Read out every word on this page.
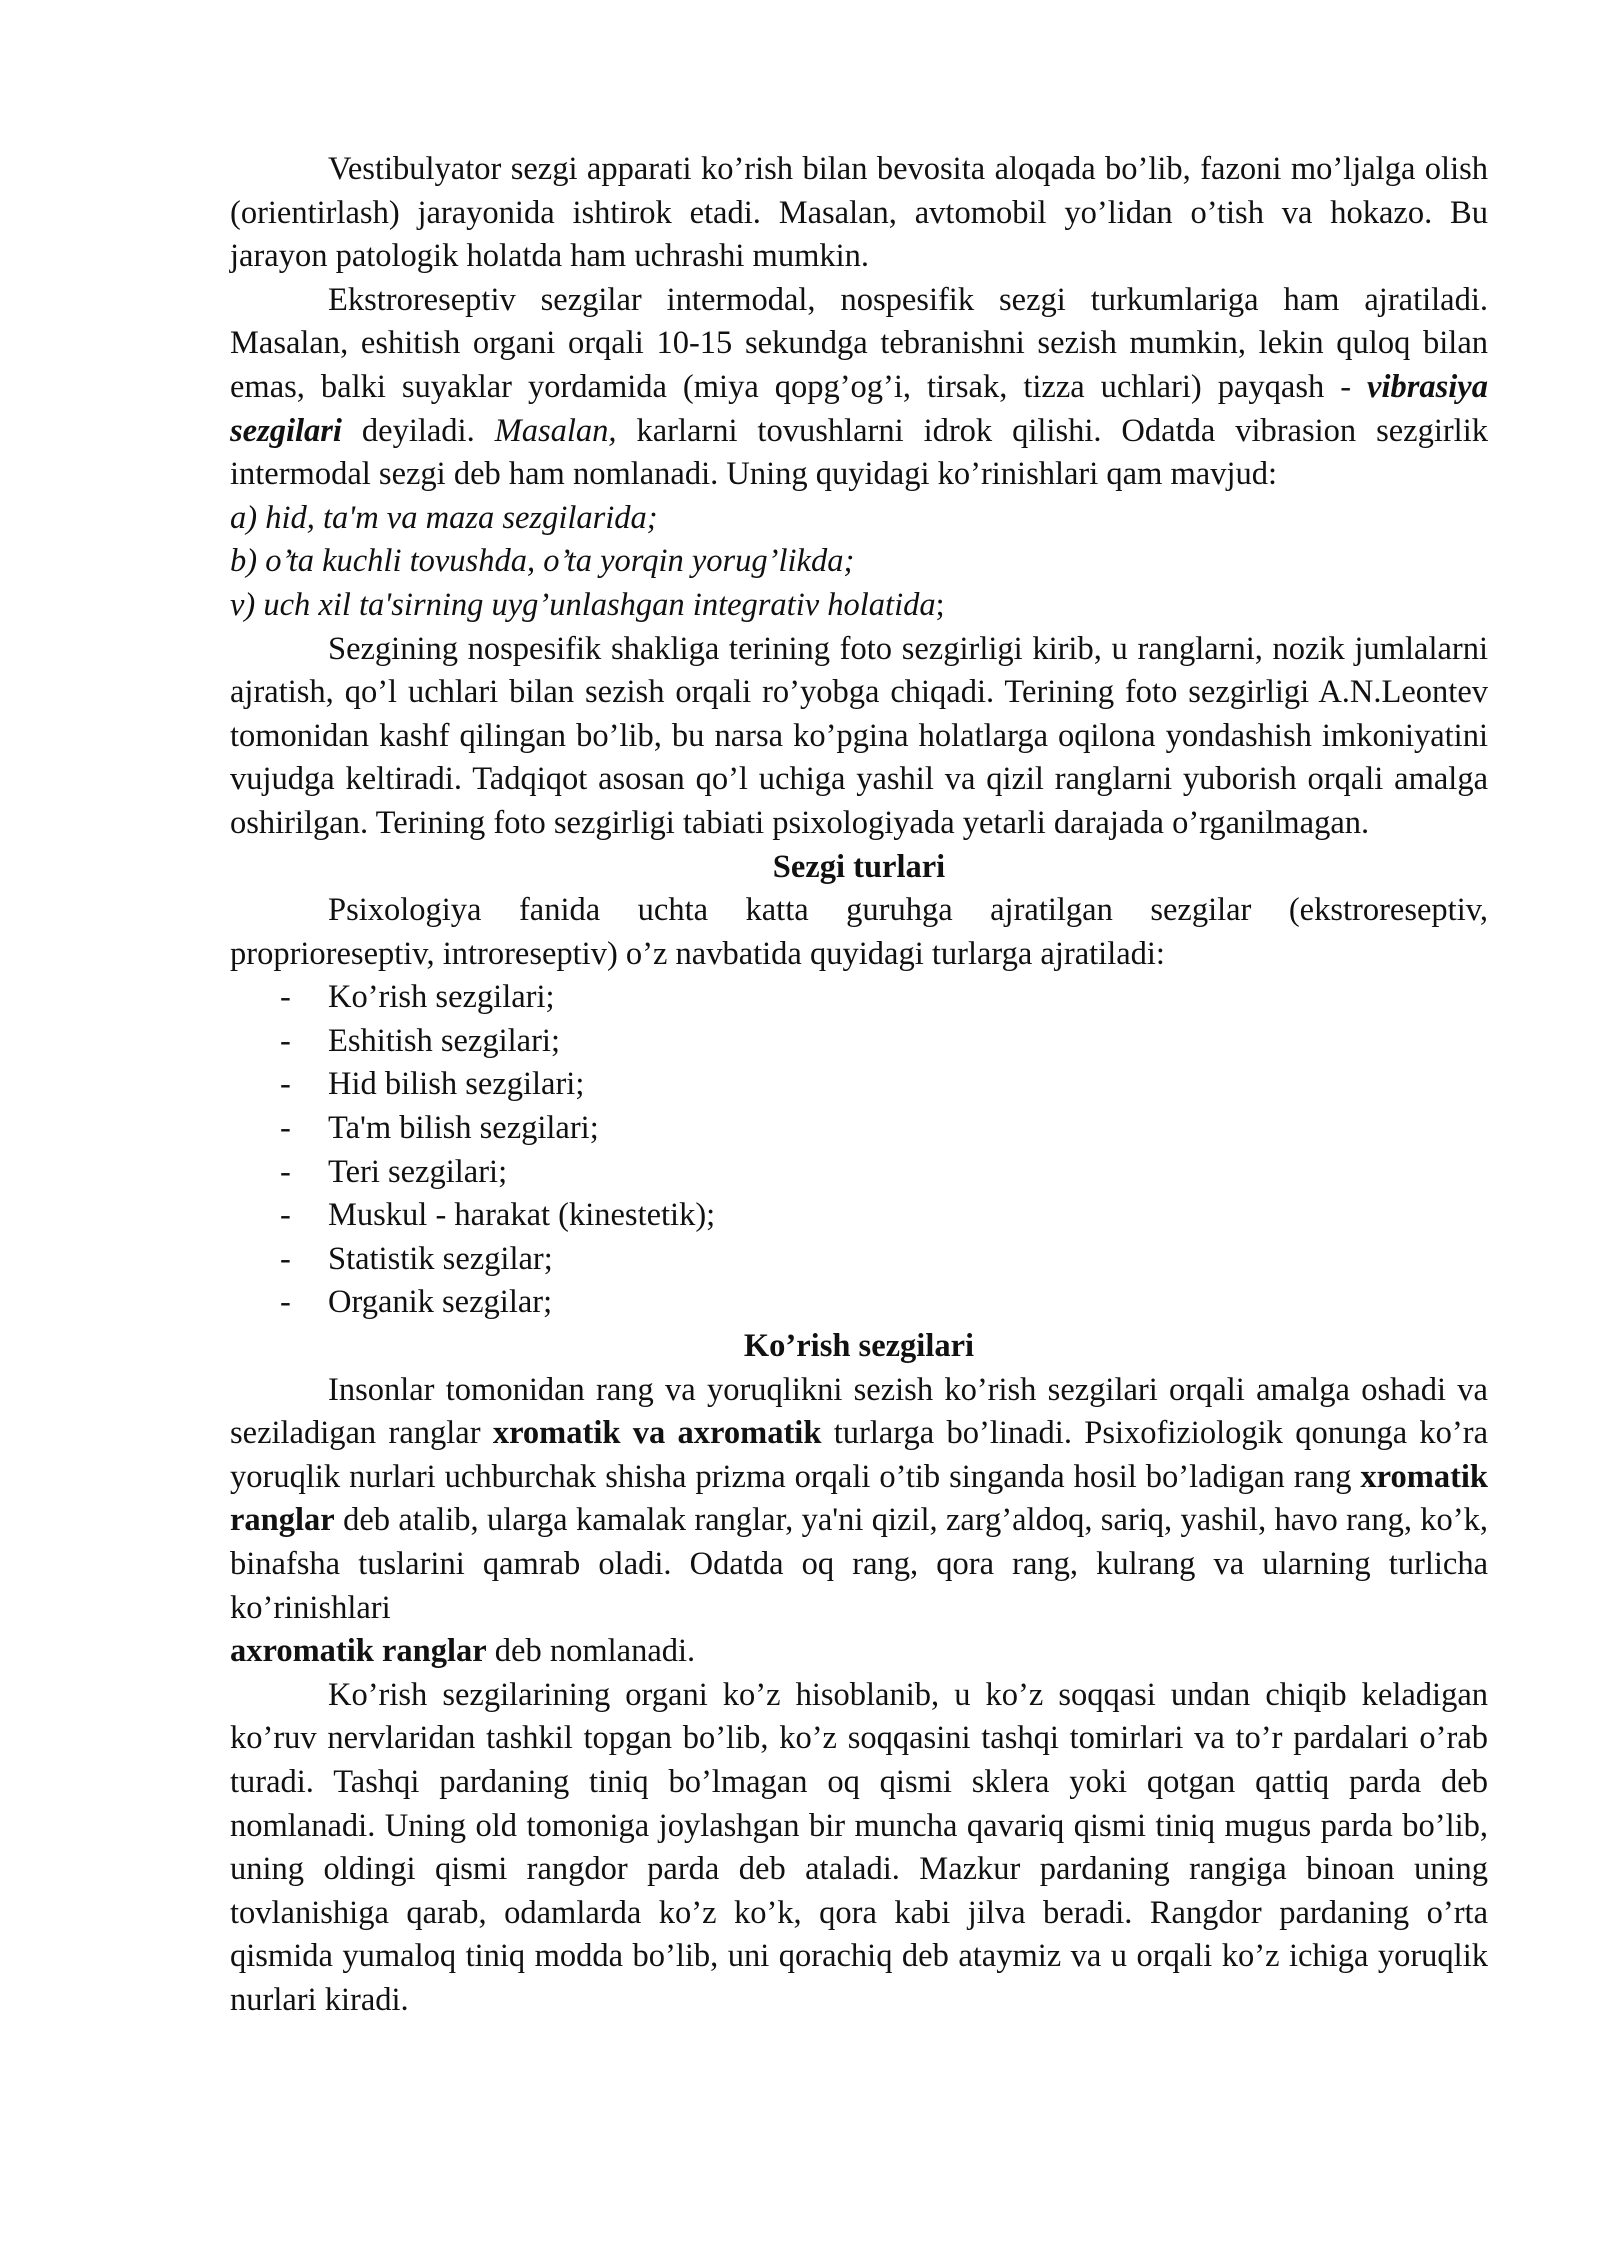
Vestibulyator sezgi apparati ko’rish bilan bevosita aloqada bo’lib, fazoni mo’ljalga olish (orientirlash) jarayonida ishtirok etadi. Masalan, avtomobil yo’lidan o’tish va hokazo. Bu jarayon patologik holatda ham uchrashi mumkin.

Ekstroreseptiv sezgilar intermodal, nospesifik sezgi turkumlariga ham ajratiladi. Masalan, eshitish organi orqali 10-15 sekundga tebranishni sezish mumkin, lekin quloq bilan emas, balki suyaklar yordamida (miya qopg’og’i, tirsak, tizza uchlari) payqash - vibrasiya sezgilari deyiladi. Masalan, karlarni tovushlarni idrok qilishi. Odatda vibrasion sezgirlik intermodal sezgi deb ham nomlanadi. Uning quyidagi ko’rinishlari qam mavjud:

a) hid, ta'm va maza sezgilarida;

b) o’ta kuchli tovushda, o’ta yorqin yorug’likda;

v) uch xil ta'sirning uyg’unlashgan integrativ holatida;

Sezgining nospesifik shakliga terining foto sezgirligi kirib, u ranglarni, nozik jumlalarni ajratish, qo’l uchlari bilan sezish orqali ro’yobga chiqadi. Terining foto sezgirligi A.N.Leontev tomonidan kashf qilingan bo’lib, bu narsa ko’pgina holatlarga oqilona yondashish imkoniyatini vujudga keltiradi. Tadqiqot asosan qo’l uchiga yashil va qizil ranglarni yuborish orqali amalga oshirilgan. Terining foto sezgirligi tabiati psixologiyada yetarli darajada o’rganilmagan.

Sezgi turlari

Psixologiya fanida uchta katta guruhga ajratilgan sezgilar (ekstroreseptiv, proprioreseptiv, introreseptiv) o’z navbatida quyidagi turlarga ajratiladi:

- Ko’rish sezgilari;
- Eshitish sezgilari;
- Hid bilish sezgilari;
- Ta'm bilish sezgilari;
- Teri sezgilari;
- Muskul - harakat (kinestetik);
- Statistik sezgilar;
- Organik sezgilar;
Ko’rish sezgilari

Insonlar tomonidan rang va yoruqlikni sezish ko’rish sezgilari orqali amalga oshadi va seziladigan ranglar xromatik va axromatik turlarga bo’linadi. Psixofiziologik qonunga ko’ra yoruqlik nurlari uchburchak shisha prizma orqali o’tib singanda hosil bo’ladigan rang xromatik ranglar deb atalib, ularga kamalak ranglar, ya'ni qizil, zarg’aldoq, sariq, yashil, havo rang, ko’k, binafsha tuslarini qamrab oladi. Odatda oq rang, qora rang, kulrang va ularning turlicha ko’rinishlari
axromatik ranglar deb nomlanadi.

Ko’rish sezgilarining organi ko’z hisoblanib, u ko’z soqqasi undan chiqib keladigan ko’ruv nervlaridan tashkil topgan bo’lib, ko’z soqqasini tashqi tomirlari va to’r pardalari o’rab turadi. Tashqi pardaning tiniq bo’lmagan oq qismi sklera yoki qotgan qattiq parda deb nomlanadi. Uning old tomoniga joylashgan bir muncha qavariq qismi tiniq mugus parda bo’lib, uning oldingi qismi rangdor parda deb ataladi. Mazkur pardaning rangiga binoan uning tovlanishiga qarab, odamlarda ko’z ko’k, qora kabi jilva beradi. Rangdor pardaning o’rta qismida yumaloq tiniq modda bo’lib, uni qorachiq deb ataymiz va u orqali ko’z ichiga yoruqlik nurlari kiradi.
